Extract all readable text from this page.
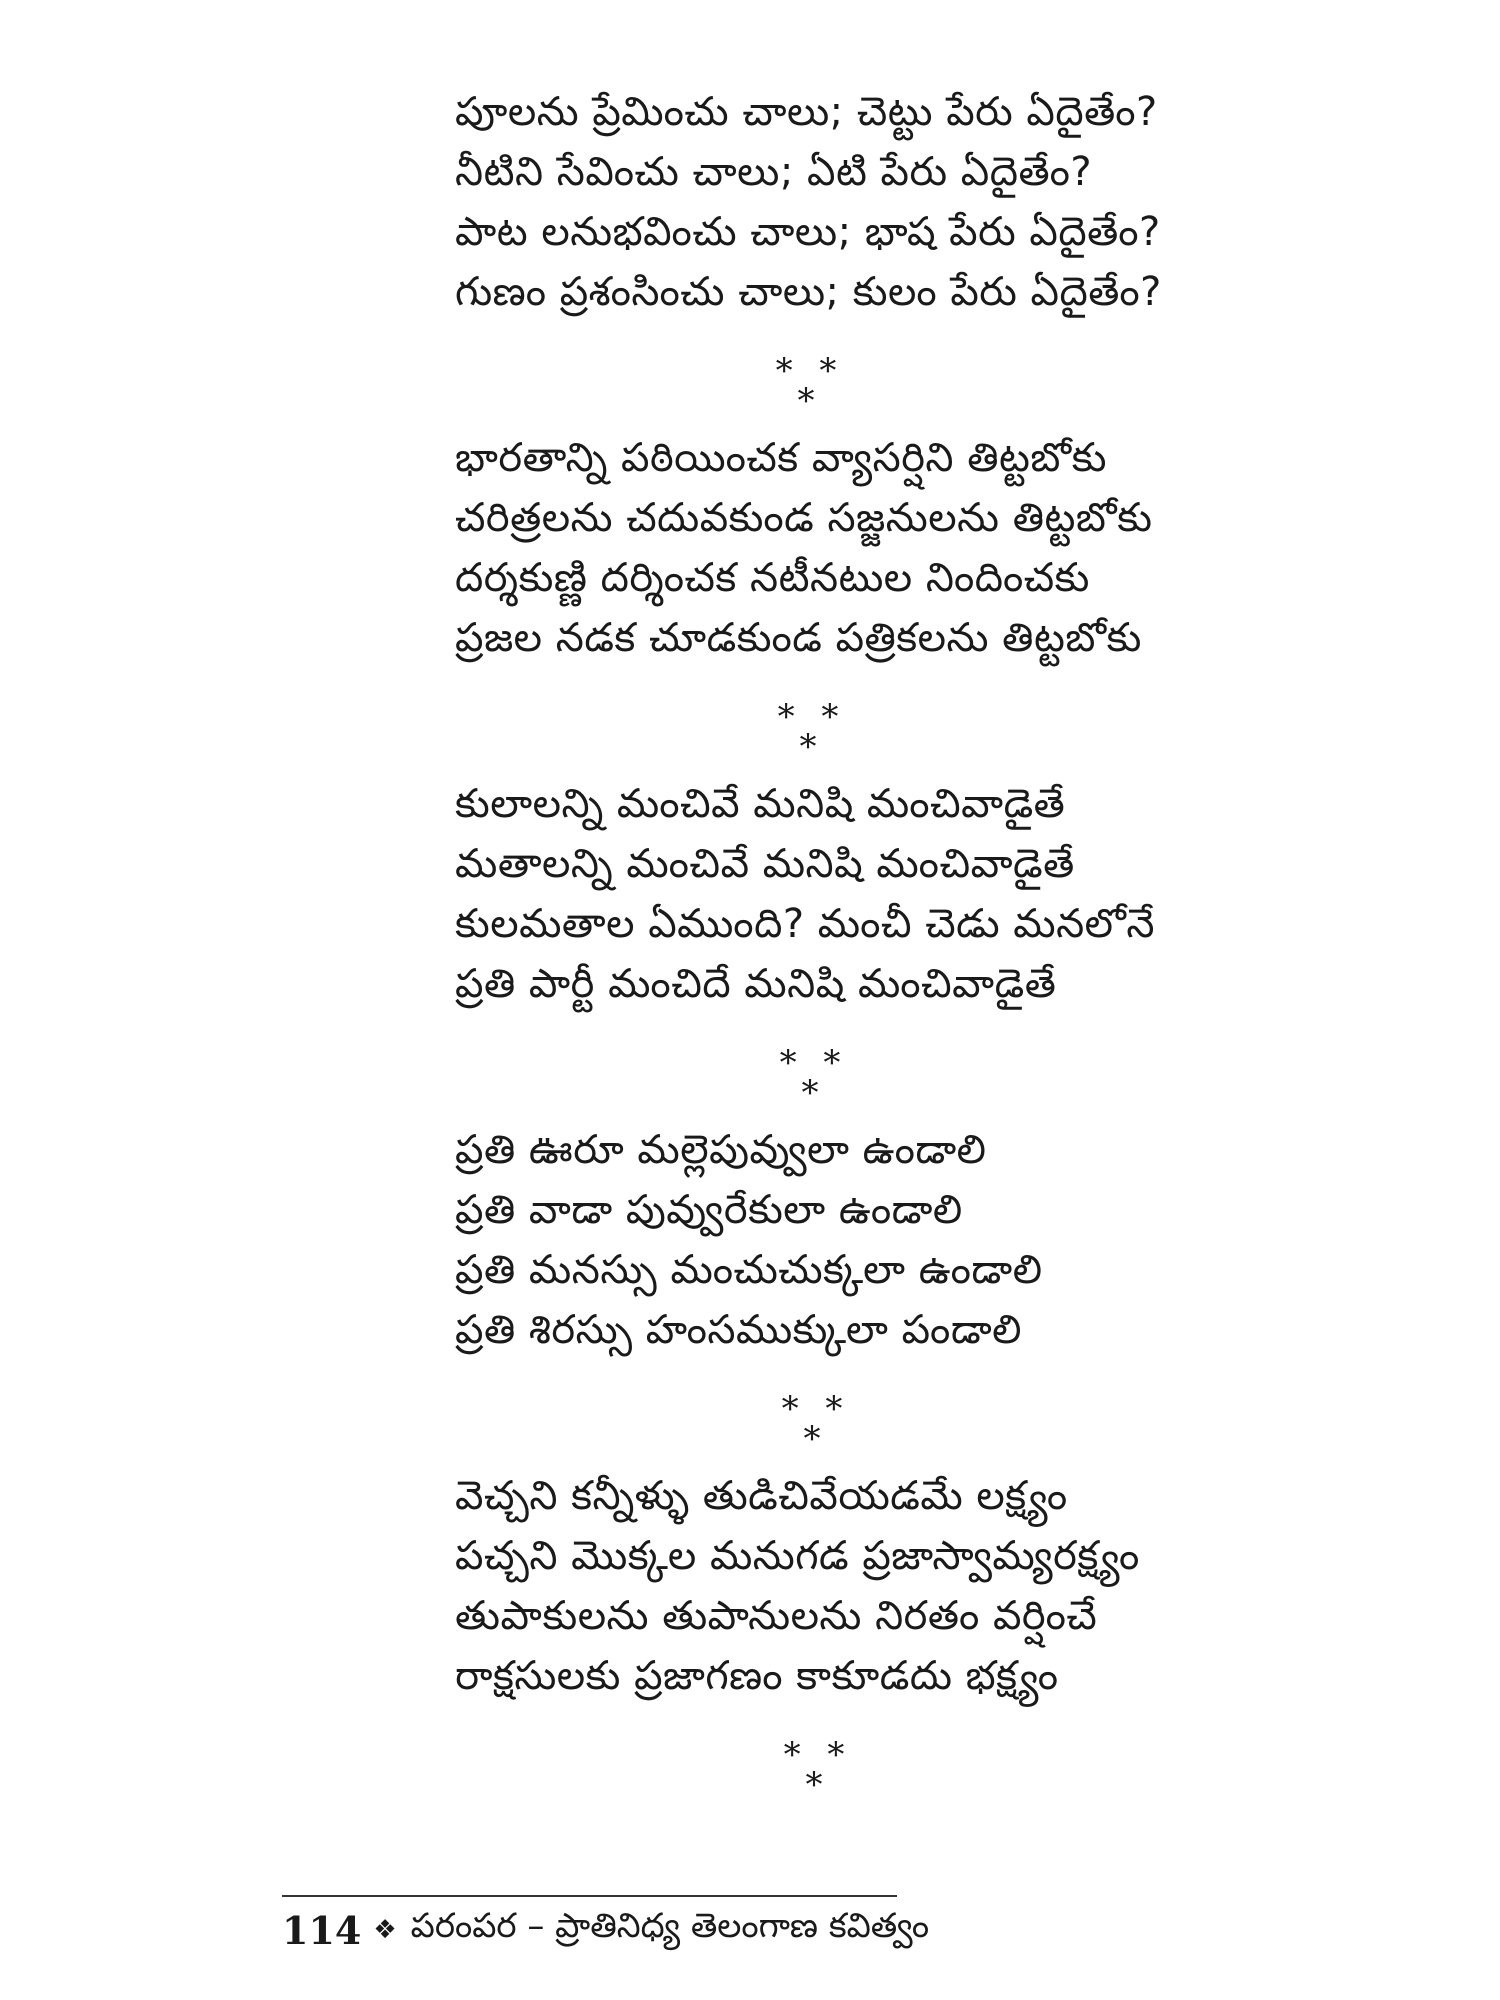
పూలను ప్రేమించు చాలు; చెట్టు పేరు ఏదైతేం?
నీటిని సేవించు చాలు; ఏటి పేరు ఏదైతేం?
పాట లనుభవించు చాలు; భాష పేరు ఏదైతేం?
గుణం ప్రశంసించు చాలు; కులం పేరు ఏదైతేం?
* * *
భారతాన్ని పఠియించక వ్యాసర్షిని తిట్టబోకు
చరిత్రలను చదువకుండ సజ్జనులను తిట్టబోకు
దర్శకుణ్ణి దర్శించక నటీనటుల నిందించకు
ప్రజల నడక చూడకుండ పత్రికలను తిట్టబోకు
* * *
కులాలన్ని మంచివే మనిషి మంచివాడైతే
మతాలన్ని మంచివే మనిషి మంచివాడైతే
కులమతాల ఏముంది? మంచీ చెడు మనలోనే
ప్రతి పార్టీ మంచిదే మనిషి మంచివాడైతే
* * *
ప్రతి ఊరూ మల్లెపువ్వులా ఉండాలి
ప్రతి వాడా పువ్వురేకులా ఉండాలి
ప్రతి మనస్సు మంచుచుక్కలా ఉండాలి
ప్రతి శిరస్సు హంసముక్కులా పండాలి
* * *
వెచ్చని కన్నీళ్ళు తుడిచివేయడమే లక్ష్యం
పచ్చని మొక్కల మనుగడ ప్రజాస్వామ్యరక్ష్యం
తుపాకులను తుపానులను నిరతం వర్షించే
రాక్షసులకు ప్రజాగణం కాకూడదు భక్ష్యం
* * *
114 ❖ పరంపర – ప్రాతినిధ్య తెలంగాణ కవిత్వం
